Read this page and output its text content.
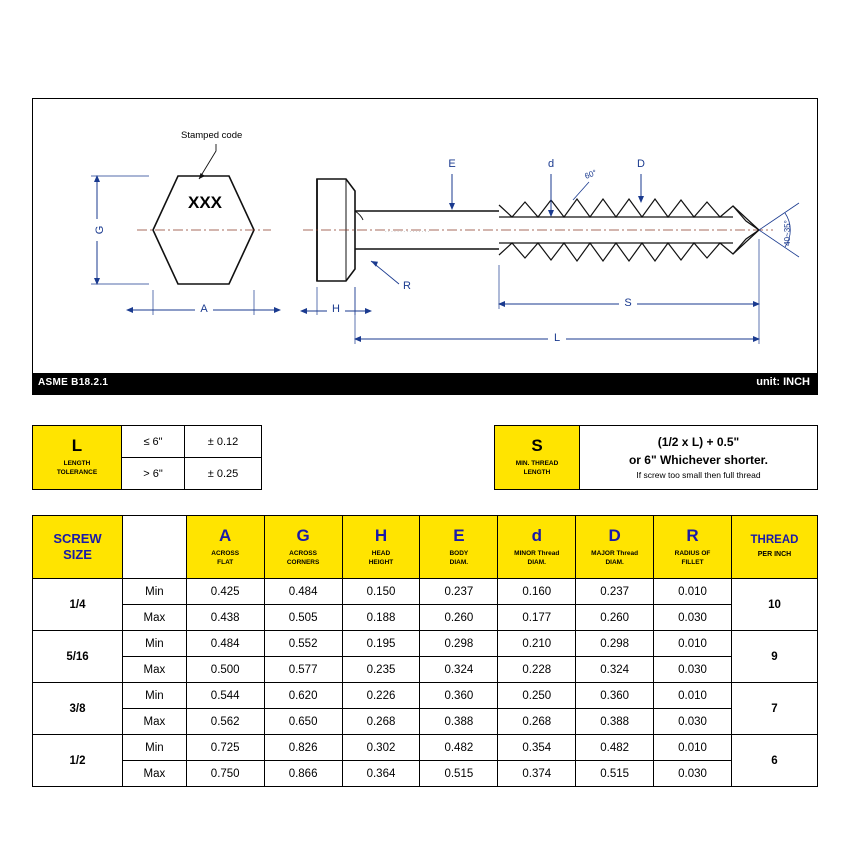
XXX
Stamped code
G
A
· · · · · · · · · · · · · · ·
R
E	d	D
60°
40~35°
H	S
L
ASME B18.2.1	unit: INCH
L
LENGTH
TOLERANCE
≤ 6"	± 0.12
> 6"	± 0.25
S
MIN. THREAD
LENGTH
(1/2 x L) + 0.5"
or 6" Whichever shorter.
If screw too small then full thread
SCREW
SIZE

A
ACROSS
FLAT

G
ACROSS
CORNERS

H
HEAD
HEIGHT

E
BODY
DIAM.

d
MINOR Thread
DIAM.

D
MAJOR Thread
DIAM.

R
RADIUS OF
FILLET

THREAD
PER INCH

1/4	Min	0.425	0.484	0.150	0.237	0.160	0.237	0.010	10
	Max	0.438	0.505	0.188	0.260	0.177	0.260	0.030	
5/16	Min	0.484	0.552	0.195	0.298	0.210	0.298	0.010	9
	Max	0.500	0.577	0.235	0.324	0.228	0.324	0.030	
3/8	Min	0.544	0.620	0.226	0.360	0.250	0.360	0.010	7
	Max	0.562	0.650	0.268	0.388	0.268	0.388	0.030	
1/2	Min	0.725	0.826	0.302	0.482	0.354	0.482	0.010	6
	Max	0.750	0.866	0.364	0.515	0.374	0.515	0.030	
